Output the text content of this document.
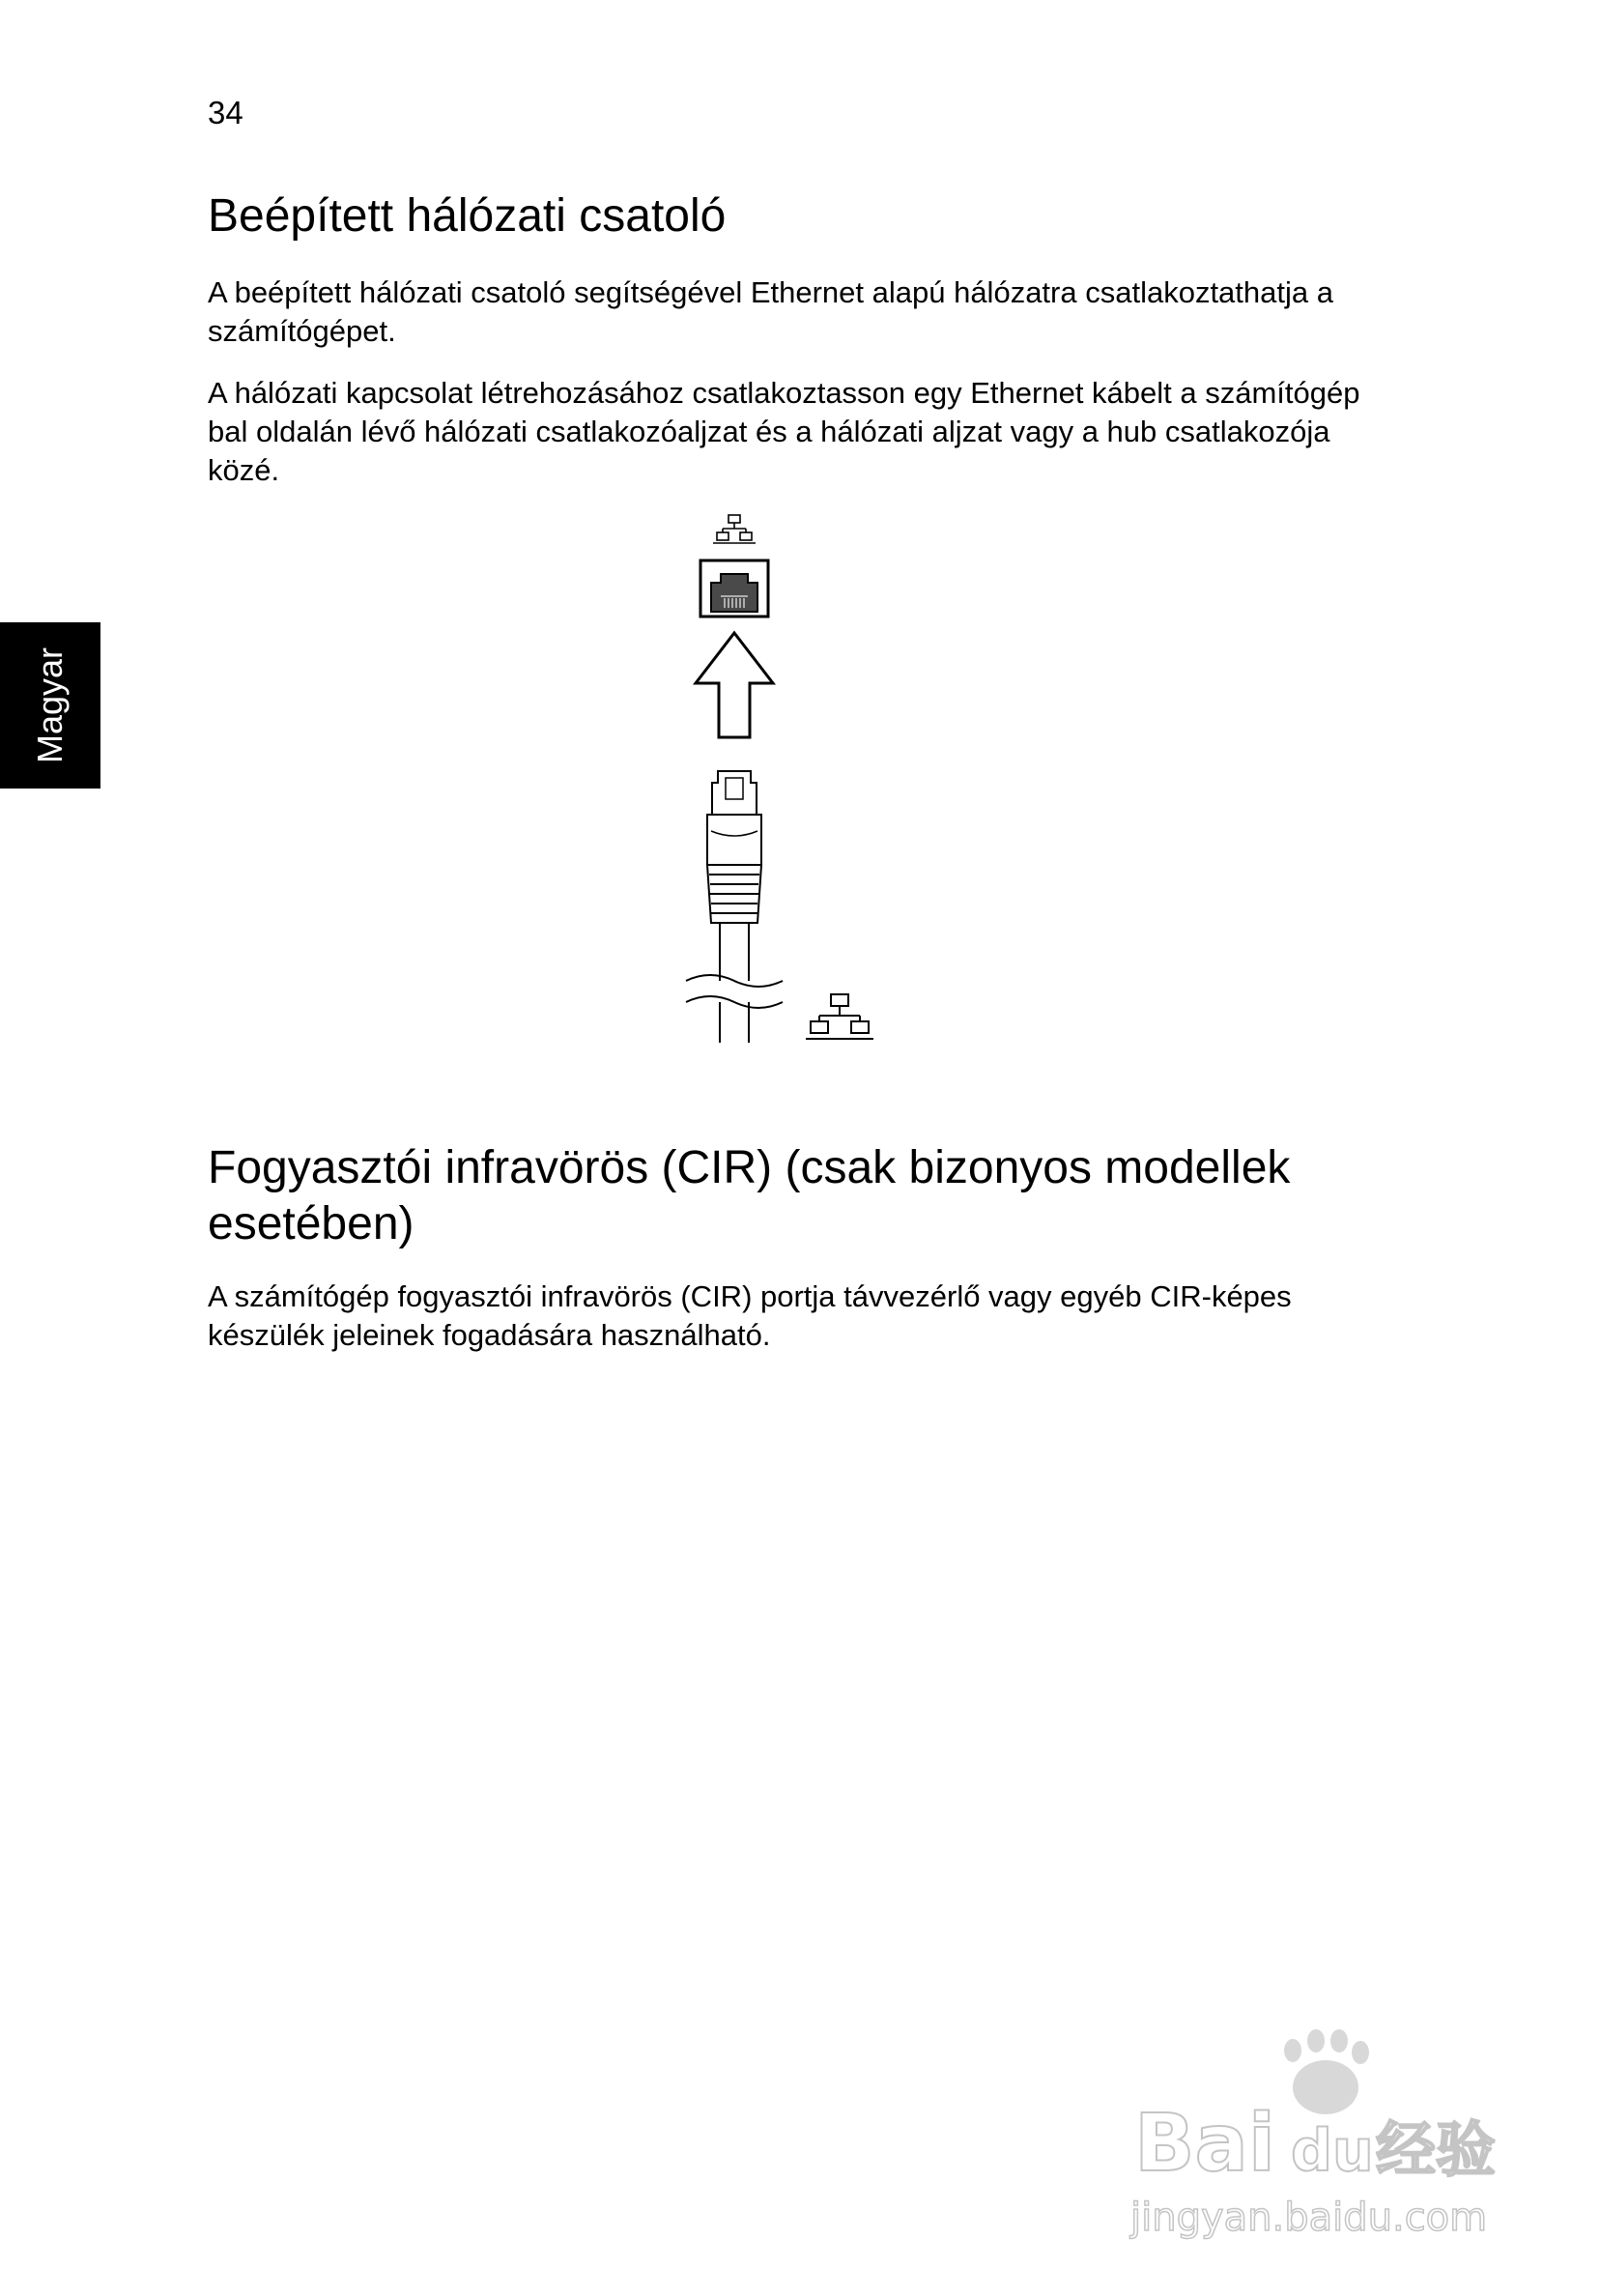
34
Beépített hálózati csatoló

A beépített hálózati csatoló segítségével Ethernet alapú hálózatra csatlakoztathatja a számítógépet.

A hálózati kapcsolat létrehozásához csatlakoztasson egy Ethernet kábelt a számítógép bal oldalán lévő hálózati csatlakozóaljzat és a hálózati aljzat vagy a hub csatlakozója közé.

Magyar
Fogyasztói infravörös (CIR) (csak bizonyos modellek esetében)

A számítógép fogyasztói infravörös (CIR) portja távvezérlő vagy egyéb CIR-képes készülék jeleinek fogadására használható.

Bai du 经验
jingyan.baidu.com
